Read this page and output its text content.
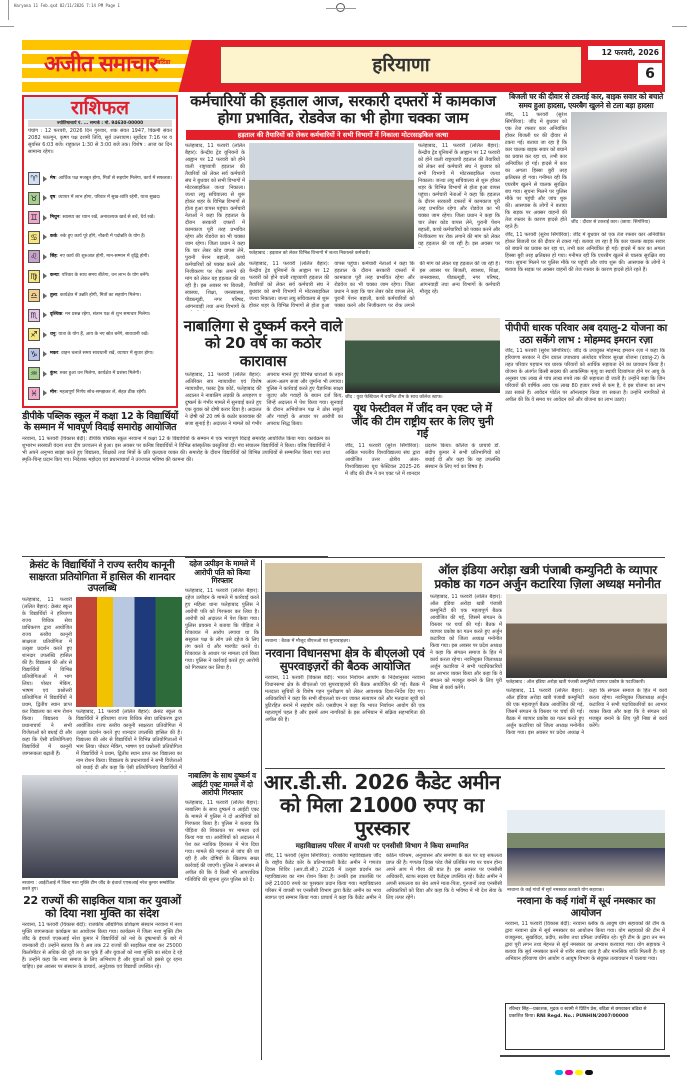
Haryana 11 Feb.qxd 02/11/2026 7:14 PM Page 1
अजीत समाचार बठिंडा	हरियाणा
12 फरवरी, 2026
6
राशिफल
ज्योतिषाचार्य पं. ... सम्पर्क : मो. 94630-00000
पंचांग : 12 फरवरी, 2026 दिन गुरुवार, शक संवत 1947, विक्रमी संवत 2082 फाल्गुन, कृष्ण पक्ष दशमी तिथि, सूर्य उत्तरायण। सूर्योदय 7:16 पर व सूर्यास्त 6:03 बजे। राहुकाल 1:30 से 3:00 बजे तक। विशेष : आज का दिन सामान्य रहेगा।
♈	मेष: आर्थिक पक्ष मजबूत होगा, मित्रों से सहयोग मिलेगा, कार्य में सफलता।
♉	वृष: व्यापार में लाभ होगा, परिवार में सुख-शांति रहेगी, यात्रा सुखद।
♊	मिथुन: स्वास्थ्य का ध्यान रखें, अनावश्यक खर्च से बचें, धैर्य रखें।
♋	कर्क: रुके हुए कार्य पूरे होंगे, नौकरी में पदोन्नति के योग हैं।
♌	सिंह: नए कार्य की शुरुआत होगी, मान-सम्मान में वृद्धि होगी।
♍	कन्या: परिवार के साथ समय बीतेगा, धन लाभ के योग बनेंगे।
♎	तुला: कार्यक्षेत्र में उन्नति होगी, मित्रों का सहयोग मिलेगा।
♏	वृश्चिक: मन प्रसन्न रहेगा, संतान पक्ष से शुभ समाचार मिलेगा।
♐	धनु: यात्रा के योग हैं, आय के नए स्रोत बनेंगे, सावधानी रखें।
♑	मकर: वाहन चलाते समय सावधानी रखें, व्यापार में सुधार होगा।
♒	कुंभ: रुका हुआ धन मिलेगा, कार्यक्षेत्र में प्रशंसा मिलेगी।
♓	मीन: महत्वपूर्ण निर्णय सोच-समझकर लें, सेहत ठीक रहेगी।
डीपीके पब्लिक स्कूल में कक्षा 12 के विद्यार्थियों के सम्मान में भावपूर्ण विदाई समारोह आयोजित
नरवाना, 11 फरवरी (विकास बेदी): डीपीके पब्लिक स्कूल नरवाना में कक्षा 12 के विद्यार्थियों के सम्मान में एक भावपूर्ण विदाई समारोह आयोजित किया गया। कार्यक्रम का शुभारंभ सरस्वती वंदना तथा दीप प्रज्वलन से हुआ। इस अवसर पर कनिष्ठ विद्यार्थियों ने विभिन्न सांस्कृतिक प्रस्तुतियां दीं। मंच संचालन विद्यार्थियों ने किया। वरिष्ठ विद्यार्थियों ने भी अपने अनुभव साझा करते हुए विद्यालय, शिक्षकों तथा मित्रों के प्रति कृतज्ञता व्यक्त की। समारोह के दौरान विद्यार्थियों को विभिन्न उपाधियों से सम्मानित किया गया तथा स्मृति-चिन्ह प्रदान किए गए। निदेशक महोदय एवं प्रधानाचार्या ने उज्ज्वल भविष्य की कामना की।
क्रेसंट के विद्यार्थियों ने राज्य स्तरीय कानूनी साक्षरता प्रतियोगिता में हासिल की शानदार उपलब्धि
फतेहाबाद, 11 फरवरी (ललित बैहार): क्रेसंट स्कूल के विद्यार्थियों ने हरियाणा राज्य विधिक सेवा प्राधिकरण द्वारा आयोजित राज्य स्तरीय कानूनी साक्षरता प्रतियोगिता में उत्कृष्ट प्रदर्शन करते हुए शानदार उपलब्धि हासिल की है। विद्यालय की ओर से विद्यार्थियों ने विभिन्न प्रतियोगिताओं में भाग लिया। पोस्टर मेकिंग, भाषण एवं प्रश्नोत्तरी प्रतियोगिता में विद्यार्थियों ने प्रथम, द्वितीय स्थान प्राप्त कर विद्यालय का नाम रोशन किया। विद्यालय के प्रधानाचार्य ने सभी विजेताओं को बधाई दी और कहा कि ऐसी प्रतियोगिताएं विद्यार्थियों में कानूनी जागरूकता बढ़ाती हैं।
फतेहाबाद, 11 फरवरी (ललित बैहार): क्रेसंट स्कूल के विद्यार्थियों ने हरियाणा राज्य विधिक सेवा प्राधिकरण द्वारा आयोजित राज्य स्तरीय कानूनी साक्षरता प्रतियोगिता में उत्कृष्ट प्रदर्शन करते हुए शानदार उपलब्धि हासिल की है। विद्यालय की ओर से विद्यार्थियों ने विभिन्न प्रतियोगिताओं में भाग लिया। पोस्टर मेकिंग, भाषण एवं प्रश्नोत्तरी प्रतियोगिता में विद्यार्थियों ने प्रथम, द्वितीय स्थान प्राप्त कर विद्यालय का नाम रोशन किया। विद्यालय के प्रधानाचार्य ने सभी विजेताओं को बधाई दी और कहा कि ऐसी प्रतियोगिताएं विद्यार्थियों में
नरवाना : आईटीआई में जिला नशा मुक्ति टीम जींद के इंचार्ज एएसआई नरेश कुमार सम्बोधित करते हुए।
22 राज्यों की साइकिल यात्रा कर युवाओं को दिया नशा मुक्ति का संदेश
नरवाना, 11 फरवरी (विकास बेदी): राजकीय औद्योगिक प्रशिक्षण संस्थान नरवाना में नशा मुक्ति जागरूकता कार्यक्रम का आयोजन किया गया। कार्यक्रम में जिला नशा मुक्ति टीम जींद के इंचार्ज एएसआई नरेश कुमार ने विद्यार्थियों को नशे के दुष्प्रभावों के बारे में जानकारी दी। उन्होंने बताया कि वे अब तक 22 राज्यों की साइकिल यात्रा कर 25000 किलोमीटर से अधिक की दूरी तय कर चुके हैं और युवाओं को नशा मुक्ति का संदेश दे रहे हैं। उन्होंने कहा कि नशा समाज के लिए अभिशाप है और युवाओं को इससे दूर रहना चाहिए। इस अवसर पर संस्थान के प्राचार्य, अनुदेशक एवं विद्यार्थी उपस्थित रहे।
कर्मचारियों की हड़ताल आज, सरकारी दफ्तरों में कामकाज होगा प्रभावित, रोडवेज का भी होगा चक्का जाम
हड़ताल की तैयारियों को लेकर कर्मचारियों ने सभी विभागों में निकाला मोटरसाइकिल जत्था
फतेहाबाद, 11 फरवरी (ललित बैहार): केन्द्रीय ट्रेड यूनियनों के आह्वान पर 12 फरवरी को होने वाली राष्ट्रव्यापी हड़ताल की तैयारियों को लेकर सर्व कर्मचारी संघ ने बुधवार को सभी विभागों में मोटरसाइकिल जत्था निकाला। जत्था लघु सचिवालय से शुरू होकर शहर के विभिन्न विभागों से होता हुआ वापस पहुंचा। कर्मचारी नेताओं ने कहा कि हड़ताल के दौरान सरकारी दफ्तरों में कामकाज पूरी तरह प्रभावित रहेगा और रोडवेज का भी चक्का जाम रहेगा। जिला प्रधान ने कहा कि चार लेबर कोड वापस लेने, पुरानी पेंशन बहाली, कच्चे कर्मचारियों को पक्का करने और निजीकरण पर रोक लगाने की मांग को लेकर यह हड़ताल की जा रही है। इस अवसर पर बिजली, स्वास्थ्य, शिक्षा, जनस्वास्थ्य, पीडब्ल्यूडी, नगर परिषद, आंगनवाड़ी तथा अन्य विभागों के
फतेहाबाद : हड़ताल को लेकर विभिन्न विभागों में जत्था निकालते कर्मचारी।
फतेहाबाद, 11 फरवरी (ललित बैहार): केन्द्रीय ट्रेड यूनियनों के आह्वान पर 12 फरवरी को होने वाली राष्ट्रव्यापी हड़ताल की तैयारियों को लेकर सर्व कर्मचारी संघ ने बुधवार को सभी विभागों में मोटरसाइकिल जत्था निकाला। जत्था लघु सचिवालय से शुरू होकर शहर के विभिन्न विभागों से होता हुआ वापस पहुंचा। कर्मचारी नेताओं ने कहा कि हड़ताल के दौरान सरकारी दफ्तरों में कामकाज पूरी तरह प्रभावित रहेगा और रोडवेज का भी चक्का जाम रहेगा। जिला प्रधान ने कहा कि चार लेबर कोड वापस लेने, पुरानी पेंशन बहाली, कच्चे कर्मचारियों को पक्का करने और निजीकरण पर रोक लगाने की मांग को लेकर यह हड़ताल की जा रही है। इस अवसर पर
फतेहाबाद, 11 फरवरी (ललित बैहार): केन्द्रीय ट्रेड यूनियनों के आह्वान पर 12 फरवरी को होने वाली राष्ट्रव्यापी हड़ताल की तैयारियों को लेकर सर्व कर्मचारी संघ ने बुधवार को सभी विभागों में मोटरसाइकिल जत्था निकाला। जत्था लघु सचिवालय से शुरू होकर शहर के विभिन्न विभागों से होता हुआ वापस पहुंचा। कर्मचारी नेताओं ने कहा कि हड़ताल के दौरान सरकारी दफ्तरों में कामकाज पूरी तरह प्रभावित रहेगा और रोडवेज का भी चक्का जाम रहेगा। जिला प्रधान ने कहा कि चार लेबर कोड वापस लेने, पुरानी पेंशन बहाली, कच्चे कर्मचारियों को पक्का करने और निजीकरण पर रोक लगाने की मांग को लेकर यह हड़ताल की जा रही है। इस अवसर पर बिजली, स्वास्थ्य, शिक्षा, जनस्वास्थ्य, पीडब्ल्यूडी, नगर परिषद, आंगनवाड़ी तथा अन्य विभागों के कर्मचारी मौजूद रहे।
नाबालिगा से दुष्कर्म करने वाले को 20 वर्ष का कठोर कारावास
फतेहाबाद, 11 फरवरी (ललित बैहार): अतिरिक्त सत्र न्यायाधीश एवं विशेष न्यायाधीश, फास्ट ट्रैक कोर्ट, फतेहाबाद की अदालत ने नाबालिग लड़की के अपहरण व दुष्कर्म के गंभीर मामले में सुनवाई करते हुए एक युवक को दोषी करार दिया है। अदालत ने दोषी को 20 वर्ष के कठोर कारावास की सजा सुनाई है। अदालत ने मामले को गंभीर अपराध मानते हुए विभिन्न धाराओं के तहत अलग-अलग सजा और जुर्माना भी लगाया। पुलिस ने कार्रवाई करते हुए वैज्ञानिक साक्ष्य जुटाए और गवाहों के बयान दर्ज किए, जिन्हें अदालत में पेश किया गया। सुनवाई के दौरान अभियोजन पक्ष ने ठोस सबूतों और गवाहों के आधार पर आरोपी का अपराध सिद्ध किया।
जींद : युवा फेस्टिवल में चयनित टीम के साथ कॉलेज स्टाफ।
यूथ फेस्टीवल में जींद वन एक्ट प्ले में जींद की टीम राष्ट्रीय स्तर के लिए चुनी गई
जींद, 11 फरवरी (सुरेश सिंगोरिया): अखिल भारतीय विश्वविद्यालय संघ द्वारा आयोजित उत्तर क्षेत्रीय अंतर-विश्वविद्यालय यूथ फेस्टिवल 2025-26 में जींद की टीम ने वन एक्ट प्ले में शानदार प्रदर्शन किया। कॉलेज के प्राचार्य डॉ. संदीप कुमार ने सभी प्रतिभागियों को बधाई दी और कहा कि यह उपलब्धि संस्थान के लिए गर्व का विषय है।
दहेज उत्पीड़न के मामले में आरोपी पति को किया गिरफ्तार
फतेहाबाद, 11 फरवरी (ललित बैहार): दहेज उत्पीड़न के मामले में कार्रवाई करते हुए महिला थाना फतेहाबाद पुलिस ने आरोपी पति को गिरफ्तार कर लिया है। आरोपी को अदालत में पेश किया गया। पुलिस प्रवक्ता ने बताया कि पीड़िता ने शिकायत में आरोप लगाया था कि ससुराल पक्ष के लोग उसे दहेज के लिए तंग करते थे और मारपीट करते थे। शिकायत के आधार पर मामला दर्ज किया गया। पुलिस ने कार्रवाई करते हुए आरोपी को गिरफ्तार कर लिया है।
नाबालिग के साथ दुष्कर्म व आईटी एक्ट मामले में दो आरोपी गिरफ्तार
फतेहाबाद, 11 फरवरी (ललित बैहार): नाबालिग के साथ दुष्कर्म व आईटी एक्ट के मामले में पुलिस ने दो आरोपियों को गिरफ्तार किया है। पुलिस ने बताया कि पीड़िता की शिकायत पर मामला दर्ज किया गया था। आरोपियों को अदालत में पेश कर न्यायिक हिरासत में भेज दिया गया। मामले की गहनता से जांच की जा रही है और दोषियों के खिलाफ सख्त कार्रवाई की जाएगी। पुलिस ने आमजन से अपील की कि वे किसी भी आपराधिक गतिविधि की सूचना तुरंत पुलिस को दें।
नरवाना : बैठक में मौजूद बीएलओ एवं सुपरवाइज़र।
नरवाना विधानसभा क्षेत्र के बीएलओ एवं सुपरवाइज़रों की बैठक आयोजित
नरवाना, 11 फरवरी (विकास बेदी): भारत निर्वाचन आयोग के निर्देशानुसार नरवाना विधानसभा क्षेत्र के बीएलओ एवं सुपरवाइज़रों की बैठक आयोजित की गई। बैठक में मतदाता सूचियों के विशेष गहन पुनरीक्षण को लेकर आवश्यक दिशा-निर्देश दिए गए। अधिकारियों ने कहा कि सभी बीएलओ घर-घर जाकर सत्यापन करें और मतदाता सूची को त्रुटिरहित बनाने में सहयोग करें। एसडीएम ने कहा कि भारत निर्वाचन आयोग की एक महत्वपूर्ण पहल है और इसमें आम नागरिकों के इस अभियान में सक्रिय सहभागिता की अपील की है।
ऑल इंडिया अरोड़ा खत्री पंजाबी कम्युनिटी के व्यापार प्रकोष्ठ का गठन अर्जुन कटारिया ज़िला अध्यक्ष मनोनीत
फतेहाबाद, 11 फरवरी (ललित बैहार): ऑल इंडिया अरोड़ा खत्री पंजाबी कम्युनिटी की एक महत्वपूर्ण बैठक आयोजित की गई, जिसमें संगठन के विस्तार पर चर्चा की गई। बैठक में व्यापार प्रकोष्ठ का गठन करते हुए अर्जुन कटारिया को जिला अध्यक्ष मनोनीत किया गया। इस अवसर पर प्रदेश अध्यक्ष ने कहा कि संगठन समाज के हित में कार्य करता रहेगा। नवनियुक्त जिलाध्यक्ष अर्जुन कटारिया ने सभी पदाधिकारियों का आभार व्यक्त किया और कहा कि वे संगठन को मजबूत बनाने के लिए पूरी निष्ठा से कार्य करेंगे।
फतेहाबाद : ऑल इंडिया अरोड़ा खत्री पंजाबी कम्युनिटी व्यापार प्रकोष्ठ के पदाधिकारी।
फतेहाबाद, 11 फरवरी (ललित बैहार): ऑल इंडिया अरोड़ा खत्री पंजाबी कम्युनिटी की एक महत्वपूर्ण बैठक आयोजित की गई, जिसमें संगठन के विस्तार पर चर्चा की गई। बैठक में व्यापार प्रकोष्ठ का गठन करते हुए अर्जुन कटारिया को जिला अध्यक्ष मनोनीत किया गया। इस अवसर पर प्रदेश अध्यक्ष ने कहा कि संगठन समाज के हित में कार्य करता रहेगा। नवनियुक्त जिलाध्यक्ष अर्जुन कटारिया ने सभी पदाधिकारियों का आभार व्यक्त किया और कहा कि वे संगठन को मजबूत बनाने के लिए पूरी निष्ठा से कार्य करेंगे।
आर.डी.सी. 2026 कैडेट अमीन को मिला 21000 रुपए का पुरस्कार
महाविद्यालय परिसर में वापसी पर एनसीसी विभाग ने किया सम्मानित
जींद, 11 फरवरी (सुरेश सिंगोरिया): राजकीय महाविद्यालय जींद के राष्ट्रीय कैडेट कोर के प्रतिभाशाली कैडेट अमीन ने गणतंत्र दिवस शिविर (आर.डी.सी.) 2026 में उत्कृष्ट प्रदर्शन कर महाविद्यालय का नाम रोशन किया है। उनकी इस उपलब्धि पर उन्हें 21000 रुपये का पुरस्कार प्रदान किया गया। महाविद्यालय परिसर में वापसी पर एनसीसी विभाग द्वारा कैडेट अमीन का भव्य स्वागत एवं सम्मान किया गया। प्राचार्य ने कहा कि कैडेट अमीन ने कठिन परिश्रम, अनुशासन और समर्पण के बल पर यह सफलता प्राप्त की है। गणतंत्र दिवस परेड जैसे प्रतिष्ठित मंच पर चयन होना अपने आप में गौरव की बात है। इस अवसर पर एनसीसी अधिकारी, स्टाफ सदस्य एवं कैडेट्स उपस्थित रहे। कैडेट अमीन ने अपनी सफलता का श्रेय अपने माता-पिता, गुरुजनों तथा एनसीसी अधिकारियों को दिया और कहा कि वे भविष्य में भी देश सेवा के लिए तत्पर रहेंगे।
बिजली घर की दीवार से टकराई कार, बाइक सवार को बचाते समय हुआ हादसा, एयरबैग खुलने से टला बड़ा हादसा
जींद, 11 फरवरी (सुरेश सिंगोरिया): जींद में बुधवार को एक तेज रफ्तार कार अनियंत्रित होकर बिजली घर की दीवार से टकरा गई। बताया जा रहा है कि कार चालक बाइक सवार को बचाने का प्रयास कर रहा था, तभी कार अनियंत्रित हो गई। हादसे में कार का अगला हिस्सा बुरी तरह क्षतिग्रस्त हो गया। गनीमत रही कि एयरबैग खुलने से चालक सुरक्षित बच गया। सूचना मिलने पर पुलिस मौके पर पहुंची और जांच शुरू की। आसपास के लोगों ने बताया कि सड़क पर अक्सर वाहनों की तेज रफ्तार के कारण हादसे होते रहते हैं।
जींद : दीवार से टकराई कार। (छाया: सिंगोरिया)
जींद, 11 फरवरी (सुरेश सिंगोरिया): जींद में बुधवार को एक तेज रफ्तार कार अनियंत्रित होकर बिजली घर की दीवार से टकरा गई। बताया जा रहा है कि कार चालक बाइक सवार को बचाने का प्रयास कर रहा था, तभी कार अनियंत्रित हो गई। हादसे में कार का अगला हिस्सा बुरी तरह क्षतिग्रस्त हो गया। गनीमत रही कि एयरबैग खुलने से चालक सुरक्षित बच गया। सूचना मिलने पर पुलिस मौके पर पहुंची और जांच शुरू की। आसपास के लोगों ने बताया कि सड़क पर अक्सर वाहनों की तेज रफ्तार के कारण हादसे होते रहते हैं।
पीपीपी धारक परिवार अब दयालु-2 योजना का उठा सकेंगे लाभ : मोहम्मद इमरान रज़ा
जींद, 11 फरवरी (सुरेश सिंगोरिया): जींद के उपायुक्त मोहम्मद इमरान रज़ा ने कहा कि हरियाणा सरकार ने दीन दयाल उपाध्याय अंत्योदय परिवार सुरक्षा योजना (दयालु-2) के तहत परिवार पहचान पत्र धारक परिवारों को आर्थिक सहायता देने का प्रावधान किया है। योजना के अंतर्गत किसी सदस्य की आकस्मिक मृत्यु या स्थायी दिव्यांगता होने पर आयु के अनुसार एक लाख से पांच लाख रुपये तक की सहायता दी जाती है। उन्होंने कहा कि जिन परिवारों की वार्षिक आय एक लाख 80 हजार रुपये से कम है, वे इस योजना का लाभ उठा सकते हैं। आवेदन पोर्टल पर ऑनलाइन किया जा सकता है। उन्होंने नागरिकों से अपील की कि वे समय पर आवेदन करें और योजना का लाभ उठाएं।
नरवाना के कई गांवों में सूर्य नमस्कार करवाते योग सहायक।
नरवाना के कई गांवों में सूर्य नमस्कार का आयोजन
नरवाना, 11 फरवरी (विकास बेदी): नरवाना ब्लॉक के आयुष योग सहायकों की टीम के द्वारा नरवाना क्षेत्र में सूर्य नमस्कार का आयोजन किया गया। योग सहायकों की टीम में राजकुमार, सुखविंदर, प्रदीप, सतीश तथा प्रमिला उपस्थित रहे। पूरी टीम के द्वारा तन मन द्वारा पूरी लगन तथा मेहनत से सूर्य नमस्कार का अभ्यास करवाया गया। योग सहायक ने बताया कि सूर्य नमस्कार करने से शरीर स्वस्थ रहता है और मानसिक शांति मिलती है। यह अभियान हरियाणा योग आयोग व आयुष विभाग के संयुक्त तत्वावधान में चलाया गया।
रविन्दर सिंह—प्रकाशक, मुद्रक व स्वामी ने प्रिंटिंग प्रेस, बठिंडा से छपवाकर बठिंडा से प्रकाशित किया। RNI Regd. No.: PUNHIN/2007/00000
